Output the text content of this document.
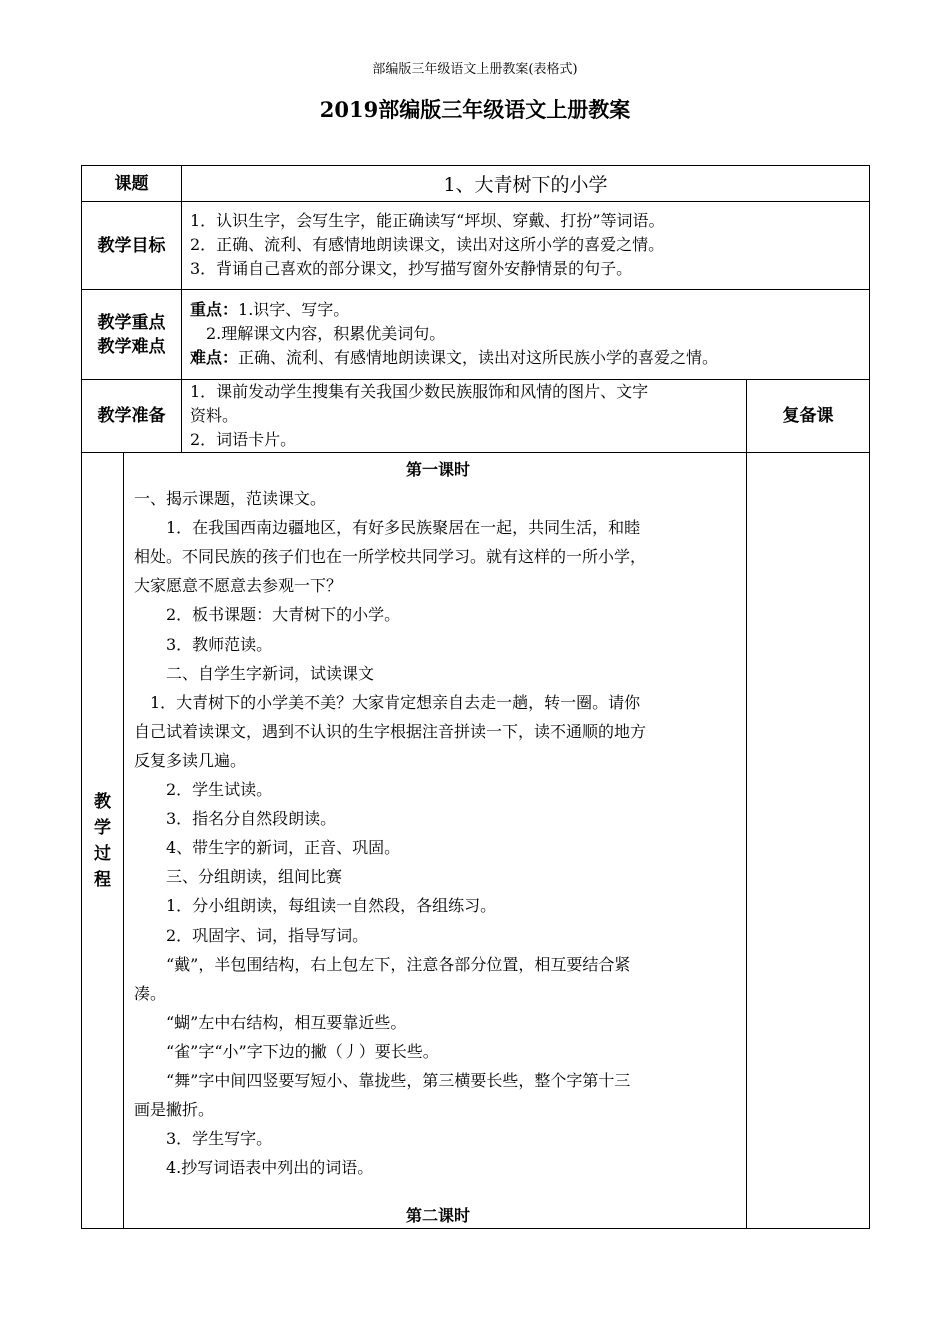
部编版三年级语文上册教案(表格式)
2019部编版三年级语文上册教案
课题	1、大青树下的小学
教学目标
1．认识生字，会写生字，能正确读写“坪坝、穿戴、打扮”等词语。
2．正确、流利、有感情地朗读课文，读出对这所小学的喜爱之情。
3．背诵自己喜欢的部分课文，抄写描写窗外安静情景的句子。
教学重点
教学难点
重点：1.识字、写字。
2.理解课文内容，积累优美词句。
难点：正确、流利、有感情地朗读课文，读出对这所民族小学的喜爱之情。
教学准备
1．课前发动学生搜集有关我国少数民族服饰和风情的图片、文字
资料。
2．词语卡片。
复备课
教
学
过
程

第一课时

一、揭示课题，范读课文。

　　1．在我国西南边疆地区，有好多民族聚居在一起，共同生活，和睦

相处。不同民族的孩子们也在一所学校共同学习。就有这样的一所小学，

大家愿意不愿意去参观一下？

　　2．板书课题：大青树下的小学。

　　3．教师范读。

　　二、自学生字新词，试读课文

　1．大青树下的小学美不美？大家肯定想亲自去走一趟，转一圈。请你

自己试着读课文，遇到不认识的生字根据注音拼读一下，读不通顺的地方

反复多读几遍。

　　2．学生试读。

　　3．指名分自然段朗读。

　　4、带生字的新词，正音、巩固。

　　三、分组朗读，组间比赛

　　1．分小组朗读，每组读一自然段，各组练习。

　　2．巩固字、词，指导写词。

　　“戴”，半包围结构，右上包左下，注意各部分位置，相互要结合紧

凑。

　　“蝴”左中右结构，相互要靠近些。

　　“雀”字“小”字下边的撇（丿）要长些。

　　“舞”字中间四竖要写短小、靠拢些，第三横要长些，整个字第十三

画是撇折。

　　3．学生写字。

　　4.抄写词语表中列出的词语。

第二课时
